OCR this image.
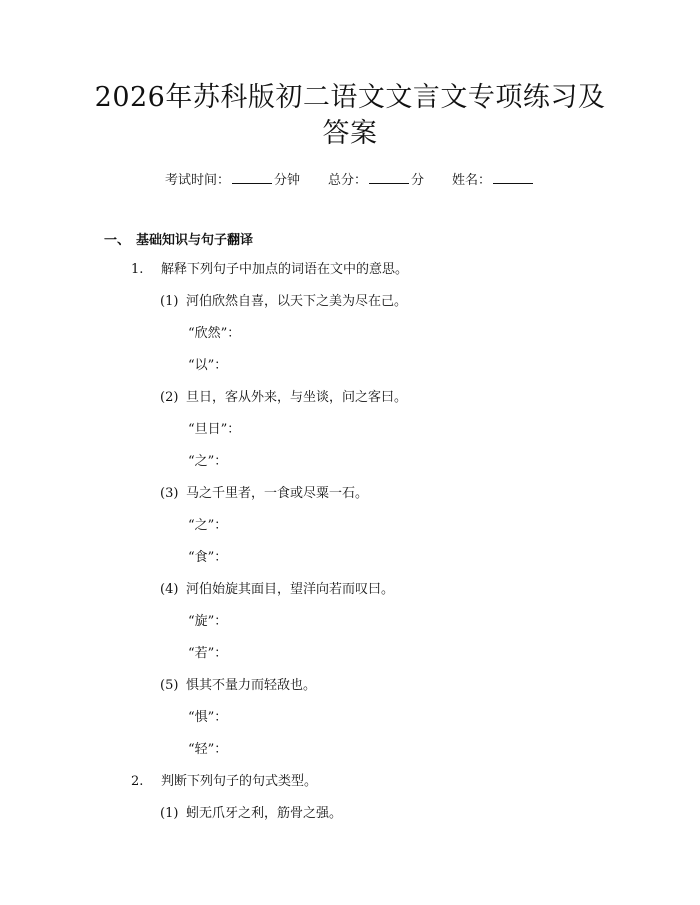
2026年苏科版初二语文文言文专项练习及答案
考试时间：	分钟 总分：	分 姓名：
一、 基础知识与句子翻译
1. 解释下列句子中加点的词语在文中的意思。
(1) 河伯欣然自喜，以天下之美为尽在己。
“欣然”：
“以”：
(2) 旦日，客从外来，与坐谈，问之客曰。
“旦日”：
“之”：
(3) 马之千里者，一食或尽粟一石。
“之”：
“食”：
(4) 河伯始旋其面目，望洋向若而叹曰。
“旋”：
“若”：
(5) 惧其不量力而轻敌也。
“惧”：
“轻”：
2. 判断下列句子的句式类型。
(1) 蚓无爪牙之利，筋骨之强。
